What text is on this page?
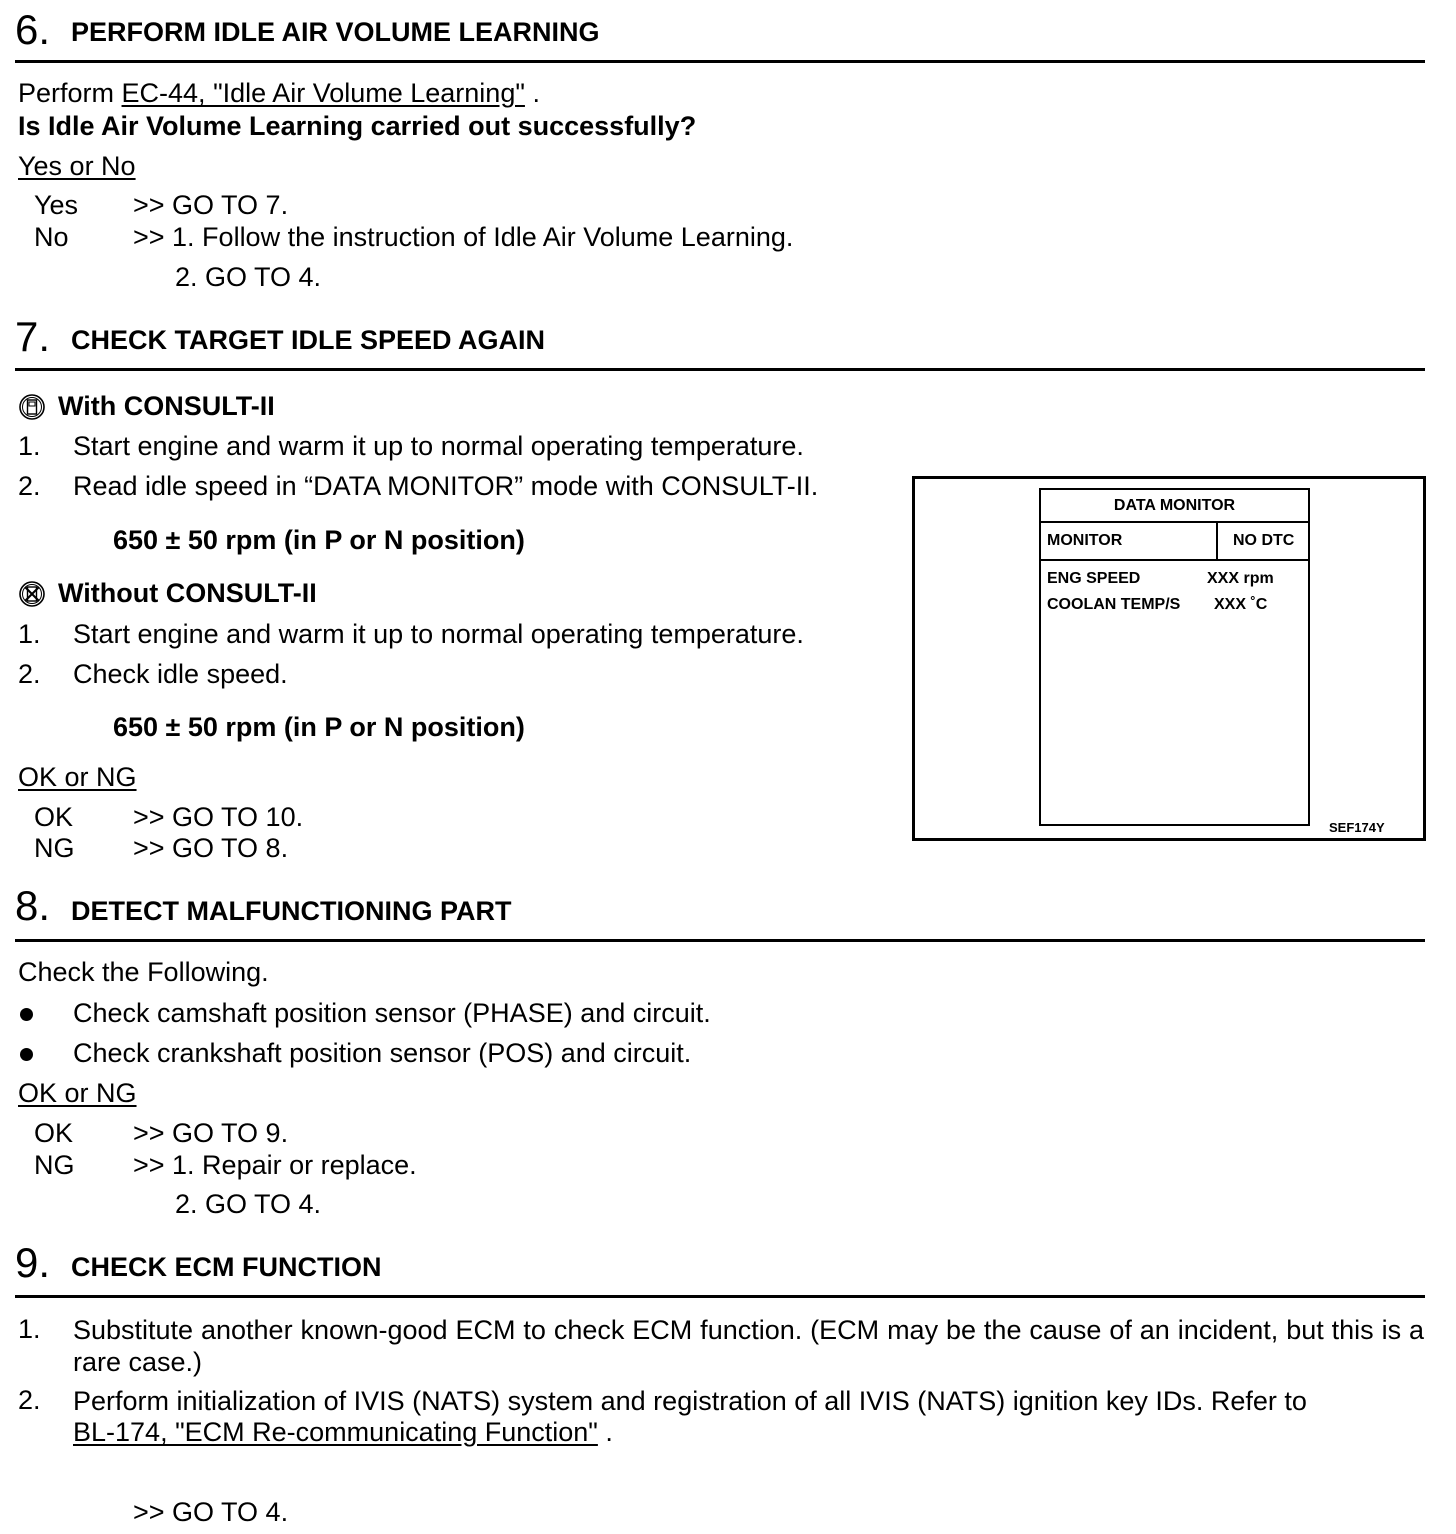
6. PERFORM IDLE AIR VOLUME LEARNING
Perform EC-44, "Idle Air Volume Learning" .
Is Idle Air Volume Learning carried out successfully?
Yes or No
Yes >> GO TO 7.
No >> 1. Follow the instruction of Idle Air Volume Learning.
2. GO TO 4.
7. CHECK TARGET IDLE SPEED AGAIN
With CONSULT-II
1. Start engine and warm it up to normal operating temperature.
2. Read idle speed in “DATA MONITOR” mode with CONSULT-II.
650 ± 50 rpm (in P or N position)
Without CONSULT-II
1. Start engine and warm it up to normal operating temperature.
2. Check idle speed.
650 ± 50 rpm (in P or N position)
OK or NG
OK >> GO TO 10.
NG >> GO TO 8.
DATA MONITOR
MONITOR	NO DTC
ENG SPEED	XXX rpm
COOLAN TEMP/S XXX ˚C
SEF174Y
8. DETECT MALFUNCTIONING PART
Check the Following.
Check camshaft position sensor (PHASE) and circuit.
Check crankshaft position sensor (POS) and circuit.
OK or NG
OK >> GO TO 9.
NG >> 1. Repair or replace.
2. GO TO 4.
9. CHECK ECM FUNCTION
1. Substitute another known-good ECM to check ECM function. (ECM may be the cause of an incident, but this is a rare case.)
2. Perform initialization of IVIS (NATS) system and registration of all IVIS (NATS) ignition key IDs. Refer to
BL-174, "ECM Re-communicating Function" .
>> GO TO 4.
